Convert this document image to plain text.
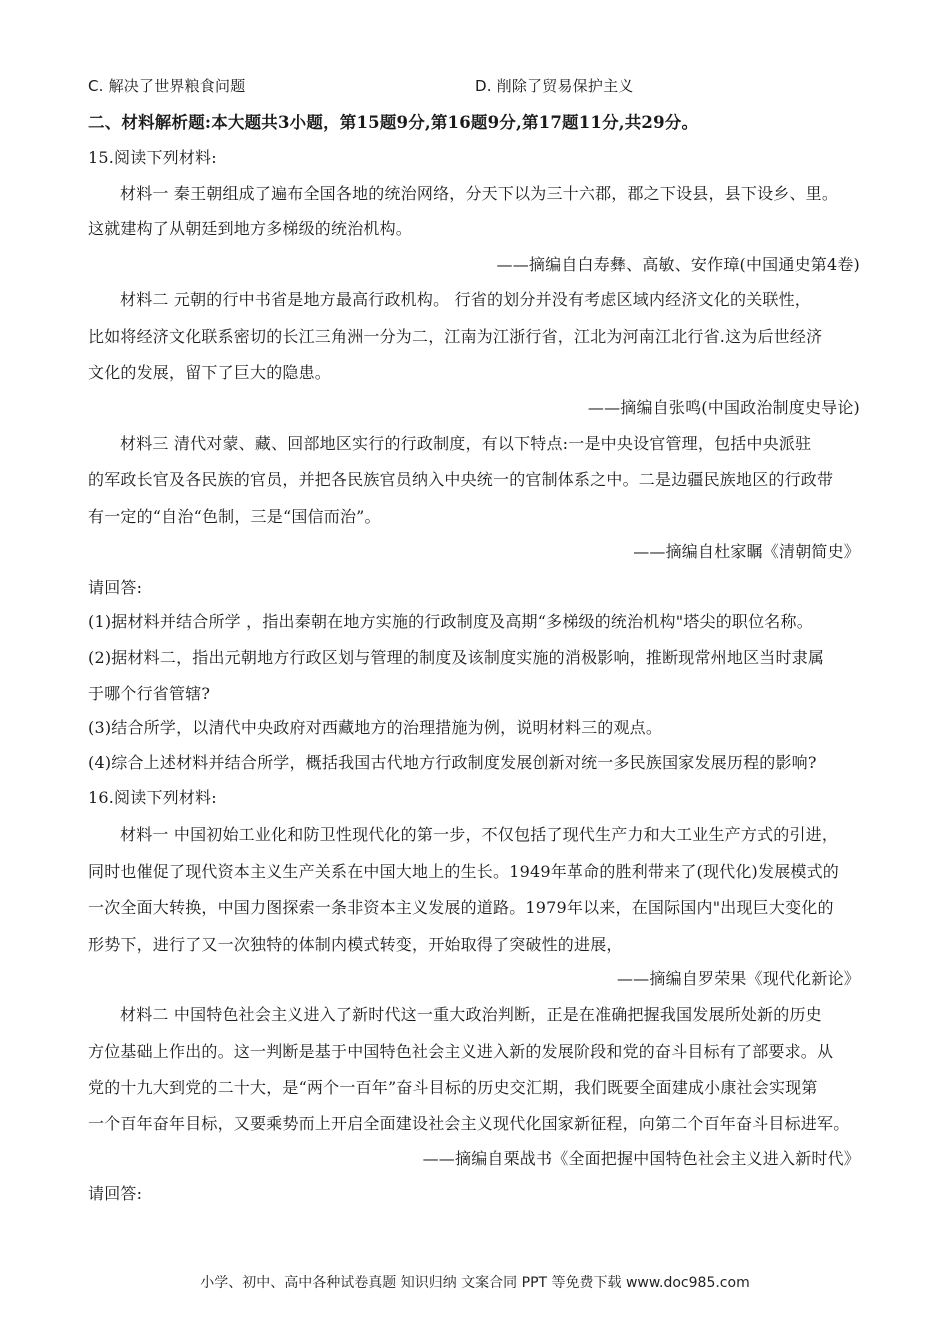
C. 解决了世界粮食问题	D. 削除了贸易保护主义
二、材料解析题:本大题共3小题，第15题9分,第16题9分,第17题11分,共29分。
15.阅读下列材料:
材料一 秦王朝组成了遍布全国各地的统治网络，分天下以为三十六郡，郡之下设县，县下设乡、里。
这就建构了从朝廷到地方多梯级的统治机构。
——摘编自白寿彝、高敏、安作璋(中国通史第4卷)
材料二 元朝的行中书省是地方最高行政机构。 行省的划分并没有考虑区域内经济文化的关联性，
比如将经济文化联系密切的长江三角洲一分为二，江南为江浙行省，江北为河南江北行省.这为后世经济
文化的发展，留下了巨大的隐患。
——摘编自张鸣(中国政治制度史导论)
材料三 清代对蒙、藏、回部地区实行的行政制度，有以下特点:一是中央设官管理，包括中央派驻
的军政长官及各民族的官员，并把各民族官员纳入中央统一的官制体系之中。二是边疆民族地区的行政带
有一定的“自治“色制，三是“国信而治”。
——摘编自杜家瞩《清朝简史》
请回答:
(1)据材料并结合所学 ，指出秦朝在地方实施的行政制度及高期“多梯级的统治机构"塔尖的职位名称。
(2)据材料二，指出元朝地方行政区划与管理的制度及该制度实施的消极影响，推断现常州地区当时隶属
于哪个行省管辖?
(3)结合所学，以清代中央政府对西藏地方的治理措施为例，说明材料三的观点。
(4)综合上述材料并结合所学，概括我国古代地方行政制度发展创新对统一多民族国家发展历程的影响?
16.阅读下列材料:
材料一 中国初始工业化和防卫性现代化的第一步，不仅包括了现代生产力和大工业生产方式的引进，
同时也催促了现代资本主义生产关系在中国大地上的生长。1949年革命的胜利带来了(现代化)发展模式的
一次全面大转换，中国力图探索一条非资本主义发展的道路。1979年以来，在国际国内"出现巨大变化的
形势下，进行了又一次独特的体制内模式转变，开始取得了突破性的进展，
——摘编自罗荣果《现代化新论》
材料二 中国特色社会主义进入了新时代这一重大政治判断，正是在准确把握我国发展所处新的历史
方位基础上作出的。这一判断是基于中国特色社会主义进入新的发展阶段和党的奋斗目标有了部要求。从
党的十九大到党的二十大，是“两个一百年”奋斗目标的历史交汇期，我们既要全面建成小康社会实现第
一个百年奋年目标，又要乘势而上开启全面建设社会主义现代化国家新征程，向第二个百年奋斗目标进军。
——摘编自栗战书《全面把握中国特色社会主义进入新时代》
请回答:
小学、初中、高中各种试卷真题 知识归纳 文案合同 PPT 等免费下载 www.doc985.com
